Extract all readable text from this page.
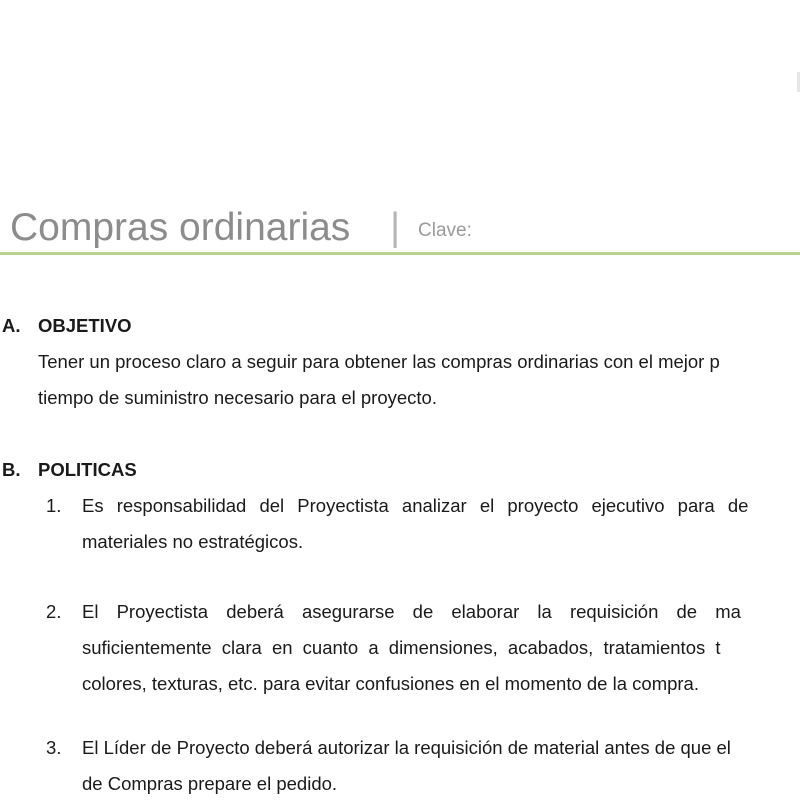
Compras ordinarias | Clave:
A. OBJETIVO

Tener un proceso claro a seguir para obtener las compras ordinarias con el mejor p

tiempo de suministro necesario para el proyecto.

B. POLITICAS
1. Es responsabilidad del Proyectista analizar el proyecto ejecutivo para de
materiales no estratégicos.
2. El Proyectista deberá asegurarse de elaborar la requisición de ma
suficientemente clara en cuanto a dimensiones, acabados, tratamientos t
colores, texturas, etc. para evitar confusiones en el momento de la compra.
3. El Líder de Proyecto deberá autorizar la requisición de material antes de que el
de Compras prepare el pedido.
